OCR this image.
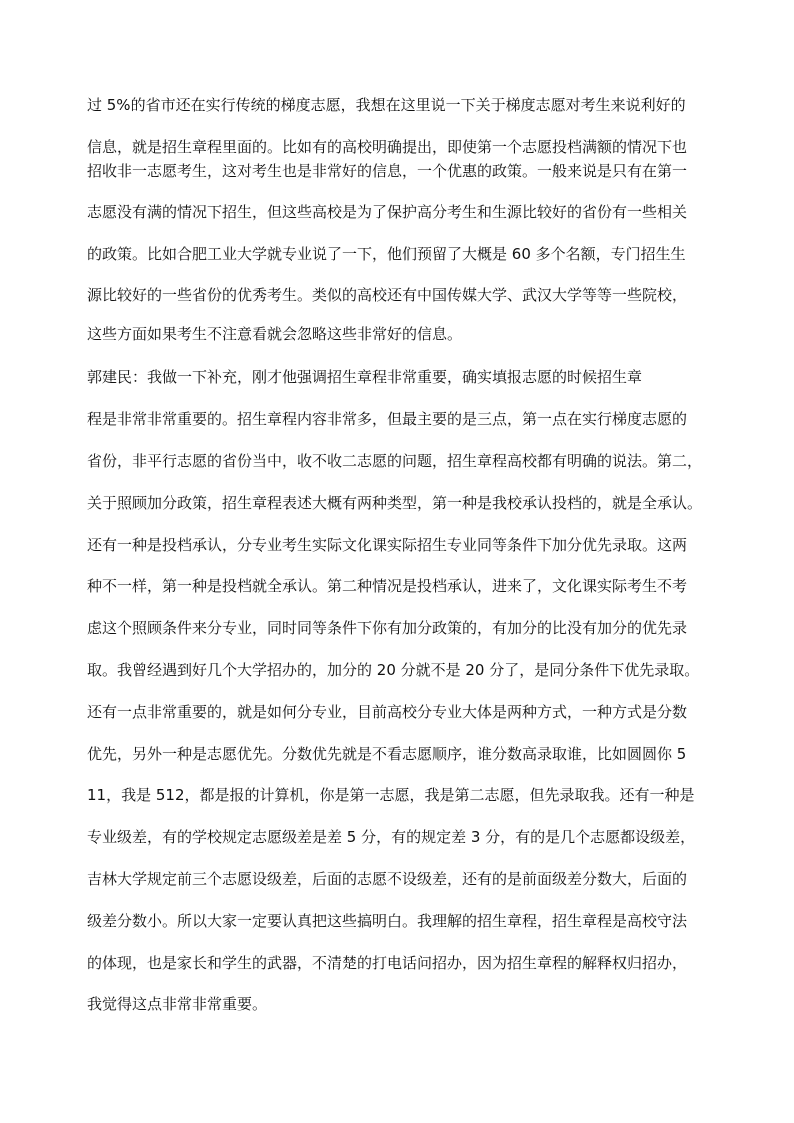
过 5%的省市还在实行传统的梯度志愿，我想在这里说一下关于梯度志愿对考生来说利好的
信息，就是招生章程里面的。比如有的高校明确提出，即使第一个志愿投档满额的情况下也
招收非一志愿考生，这对考生也是非常好的信息，一个优惠的政策。一般来说是只有在第一
志愿没有满的情况下招生，但这些高校是为了保护高分考生和生源比较好的省份有一些相关
的政策。比如合肥工业大学就专业说了一下，他们预留了大概是 60 多个名额，专门招生生
源比较好的一些省份的优秀考生。类似的高校还有中国传媒大学、武汉大学等等一些院校，
这些方面如果考生不注意看就会忽略这些非常好的信息。
郭建民：我做一下补充，刚才他强调招生章程非常重要，确实填报志愿的时候招生章
程是非常非常重要的。招生章程内容非常多，但最主要的是三点，第一点在实行梯度志愿的
省份，非平行志愿的省份当中，收不收二志愿的问题，招生章程高校都有明确的说法。第二，
关于照顾加分政策，招生章程表述大概有两种类型，第一种是我校承认投档的，就是全承认。
还有一种是投档承认，分专业考生实际文化课实际招生专业同等条件下加分优先录取。这两
种不一样，第一种是投档就全承认。第二种情况是投档承认，进来了，文化课实际考生不考
虑这个照顾条件来分专业，同时同等条件下你有加分政策的，有加分的比没有加分的优先录
取。我曾经遇到好几个大学招办的，加分的 20 分就不是 20 分了，是同分条件下优先录取。
还有一点非常重要的，就是如何分专业，目前高校分专业大体是两种方式，一种方式是分数
优先，另外一种是志愿优先。分数优先就是不看志愿顺序，谁分数高录取谁，比如圆圆你 5
11，我是 512，都是报的计算机，你是第一志愿，我是第二志愿，但先录取我。还有一种是
专业级差，有的学校规定志愿级差是差 5 分，有的规定差 3 分，有的是几个志愿都设级差，
吉林大学规定前三个志愿设级差，后面的志愿不设级差，还有的是前面级差分数大，后面的
级差分数小。所以大家一定要认真把这些搞明白。我理解的招生章程，招生章程是高校守法
的体现，也是家长和学生的武器，不清楚的打电话问招办，因为招生章程的解释权归招办，
我觉得这点非常非常重要。
